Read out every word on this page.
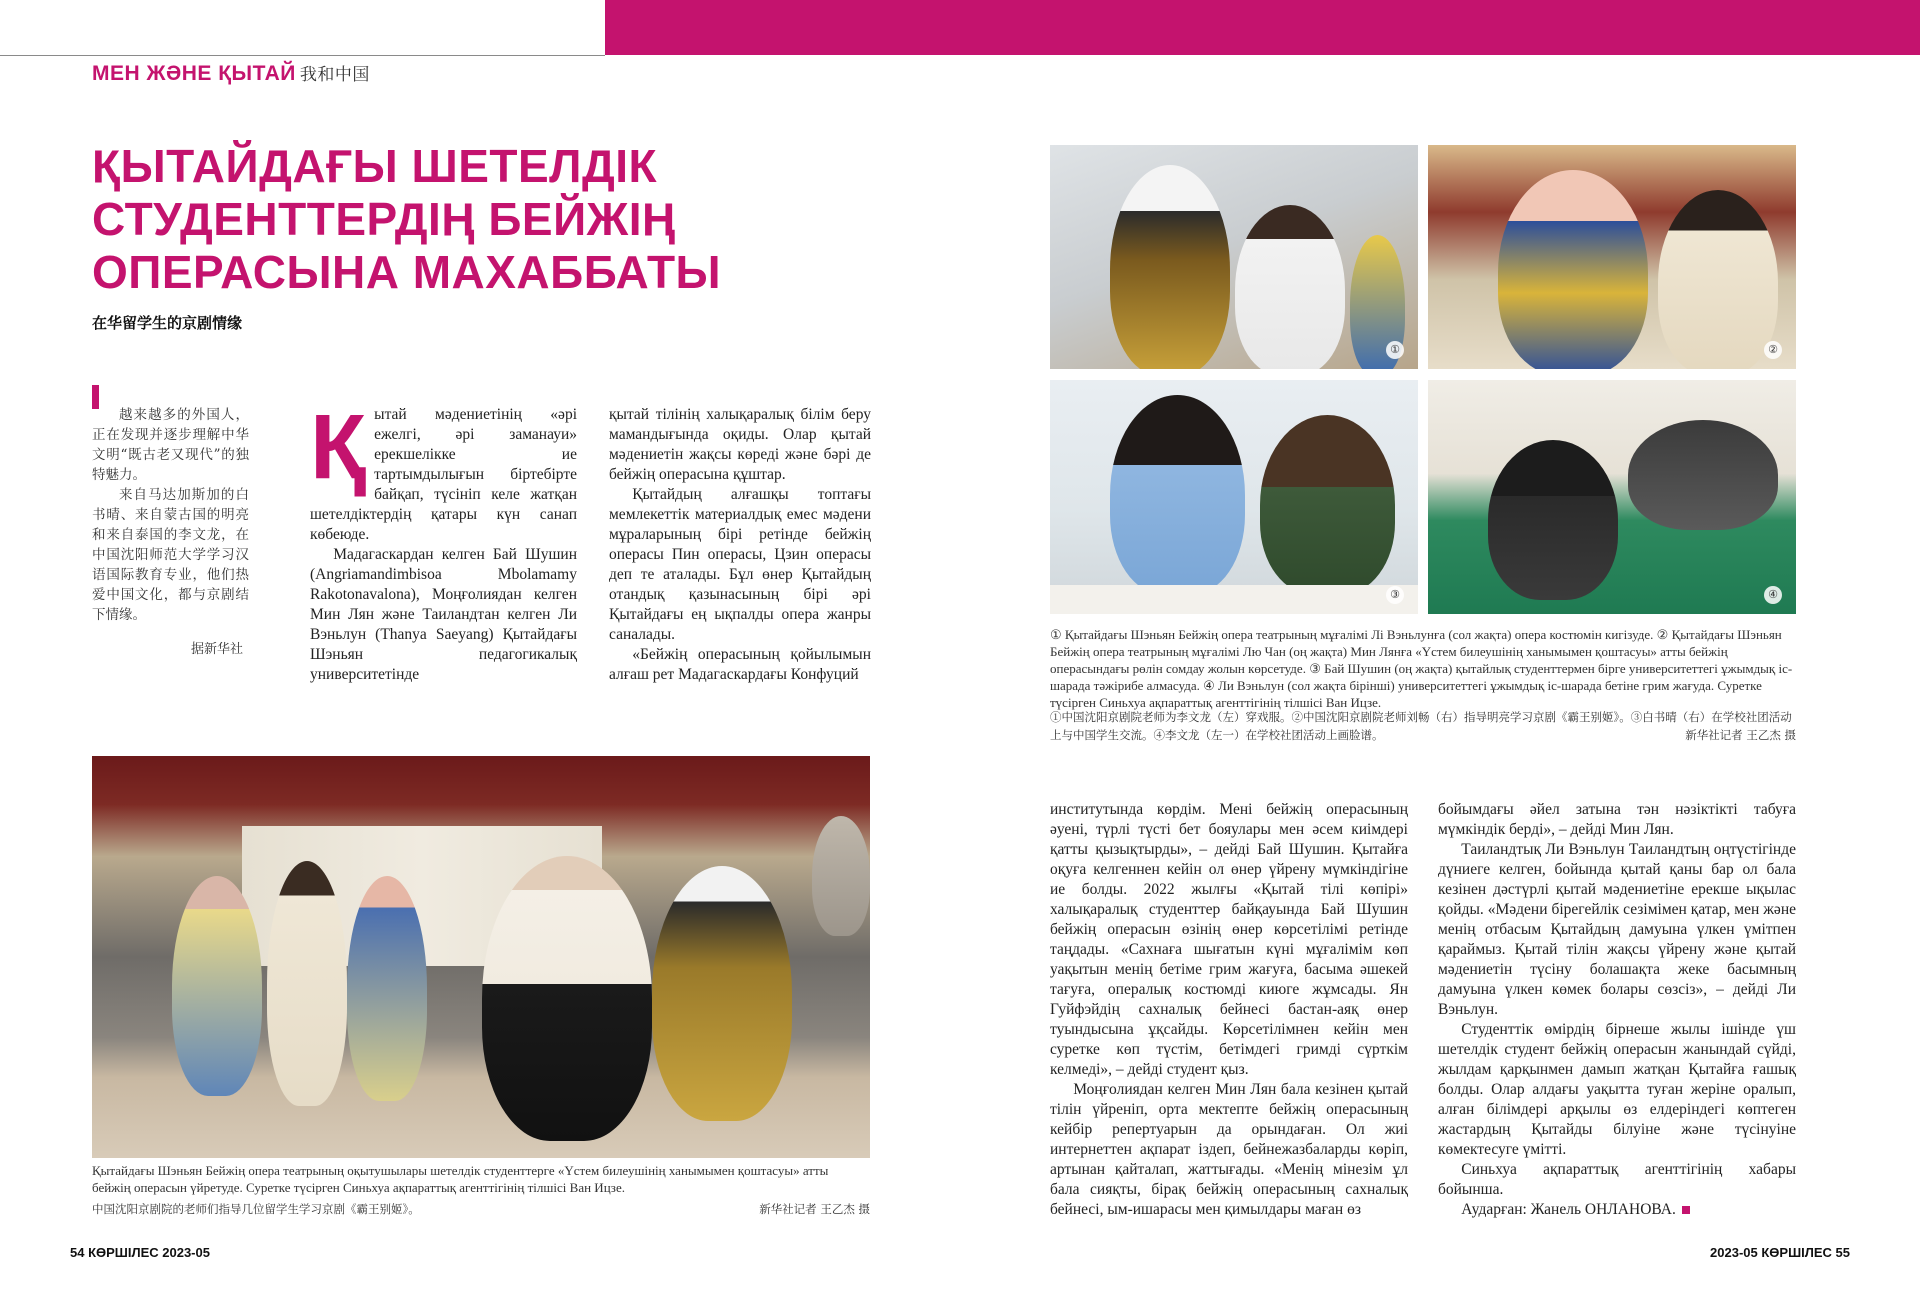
МЕН ЖӘНЕ ҚЫТАЙ 我和中国
ҚЫТАЙДАҒЫ ШЕТЕЛДІК СТУДЕНТТЕРДІҢ БЕЙЖІҢ ОПЕРАСЫНА МАХАББАТЫ
在华留学生的京剧情缘

越来越多的外国人，正在发现并逐步理解中华文明“既古老又现代”的独特魅力。

来自马达加斯加的白书晴、来自蒙古国的明亮和来自泰国的李文龙，在中国沈阳师范大学学习汉语国际教育专业，他们热爱中国文化，都与京剧结下情缘。

据新华社

Қытай мәдениетінің «әрі ежелгі, әрі заманауи» ерекшелікке ие тартымдылығын біртебірте байқап, түсініп келе жатқан шетелдіктердің қатары күн санап көбеюде.

Мадагаскардан келген Бай Шушин (Angriamandimbisoa Mbolamamy Rakotonavalona), Моңғолиядан келген Мин Лян және Таиландтан келген Ли Вэньлун (Thanya Saeyang) Қытайдағы Шэньян педагогикалық университетінде

қытай тілінің халықаралық білім беру мамандығында оқиды. Олар қытай мәдениетін жақсы көреді және бәрі де бейжің операсына құштар.

Қытайдың алғашқы топтағы мемлекеттік материалдық емес мәдени мұраларының бірі ретінде бейжің операсы Пин операсы, Цзин операсы деп те аталады. Бұл өнер Қытайдың отандық қазынасының бірі әрі Қытайдағы ең ықпалды опера жанры саналады.

«Бейжің операсының қойылымын алғаш рет Мадагаскардағы Конфуций

①	②
③	④
① Қытайдағы Шэньян Бейжің опера театрының мұғалімі Лі Вэньлунға (сол жақта) опера костюмін кигізуде. ② Қытайдағы Шэньян Бейжің опера театрының мұғалімі Лю Чан (оң жақта) Мин Лянға «Үстем билеушінің ханымымен қоштасуы» атты бейжің операсындағы рөлін сомдау жолын көрсетуде. ③ Бай Шушин (оң жақта) қытайлық студенттермен бірге университеттегі ұжымдық іс-шарада тәжірибе алмасуда. ④ Ли Вэньлун (сол жақта бірінші) университеттегі ұжымдық іс-шарада бетіне грим жағуда. Суретке түсірген Синьхуа ақпараттық агенттігінің тілшісі Ван Ицзе.
①中国沈阳京剧院老师为李文龙（左）穿戏服。②中国沈阳京剧院老师刘畅（右）指导明亮学习京剧《霸王别姬》。③白书晴（右）在学校社团活动上与中国学生交流。④李文龙（左一）在学校社团活动上画脸谱。	新华社记者 王乙杰 摄
Қытайдағы Шэньян Бейжің опера театрының оқытушылары шетелдік студенттерге «Үстем билеушінің ханымымен қоштасуы» атты бейжің операсын үйретуде. Суретке түсірген Синьхуа ақпараттық агенттігінің тілшісі Ван Ицзе.
中国沈阳京剧院的老师们指导几位留学生学习京剧《霸王别姬》。	新华社记者 王乙杰 摄

институтында көрдім. Мені бейжің операсының әуені, түрлі түсті бет бояулары мен әсем киімдері қатты қызықтырды», – дейді Бай Шушин. Қытайға оқуға келгеннен кейін ол өнер үйрену мүмкіндігіне ие болды. 2022 жылғы «Қытай тілі көпірі» халықаралық студенттер байқауында Бай Шушин бейжің операсын өзінің өнер көрсетілімі ретінде таңдады. «Сахнаға шығатын күні мұғалімім көп уақытын менің бетіме грим жағуға, басыма әшекей тағуға, опералық костюмді киюге жұмсады. Ян Гуйфэйдің сахналық бейнесі бастан-аяқ өнер туындысына ұқсайды. Көрсетілімнен кейін мен суретке көп түстім, бетімдегі гримді сүрткім келмеді», – дейді студент қыз.

Моңғолиядан келген Мин Лян бала кезінен қытай тілін үйреніп, орта мектепте бейжің операсының кейбір репертуарын да орындаған. Ол жиі интернеттен ақпарат іздеп, бейнежазбаларды көріп, артынан қайталап, жаттығады. «Менің мінезім ұл бала сияқты, бірақ бейжің операсының сахналық бейнесі, ым-ишарасы мен қимылдары маған өз

бойымдағы әйел затына тән нәзіктікті табуға мүмкіндік берді», – дейді Мин Лян.

Таиландтық Ли Вэньлун Таиландтың оңтүстігінде дүниеге келген, бойында қытай қаны бар ол бала кезінен дәстүрлі қытай мәдениетіне ерекше ықылас қойды. «Мәдени бірегейлік сезімімен қатар, мен және менің отбасым Қытайдың дамуына үлкен үмітпен қараймыз. Қытай тілін жақсы үйрену және қытай мәдениетін түсіну болашақта жеке басымның дамуына үлкен көмек болары сөзсіз», – дейді Ли Вэньлун.

Студенттік өмірдің бірнеше жылы ішінде үш шетелдік студент бейжің операсын жанындай сүйді, жылдам қарқынмен дамып жатқан Қытайға ғашық болды. Олар алдағы уақытта туған жеріне оралып, алған білімдері арқылы өз елдеріндегі көптеген жастардың Қытайды білуіне және түсінуіне көмектесуге үмітті.

Синьхуа ақпараттық агенттігінің хабары бойынша.

Аударған: Жанель ОНЛАНОВА.

54 КӨРШІЛЕС 2023-05	2023-05 КӨРШІЛЕС 55
